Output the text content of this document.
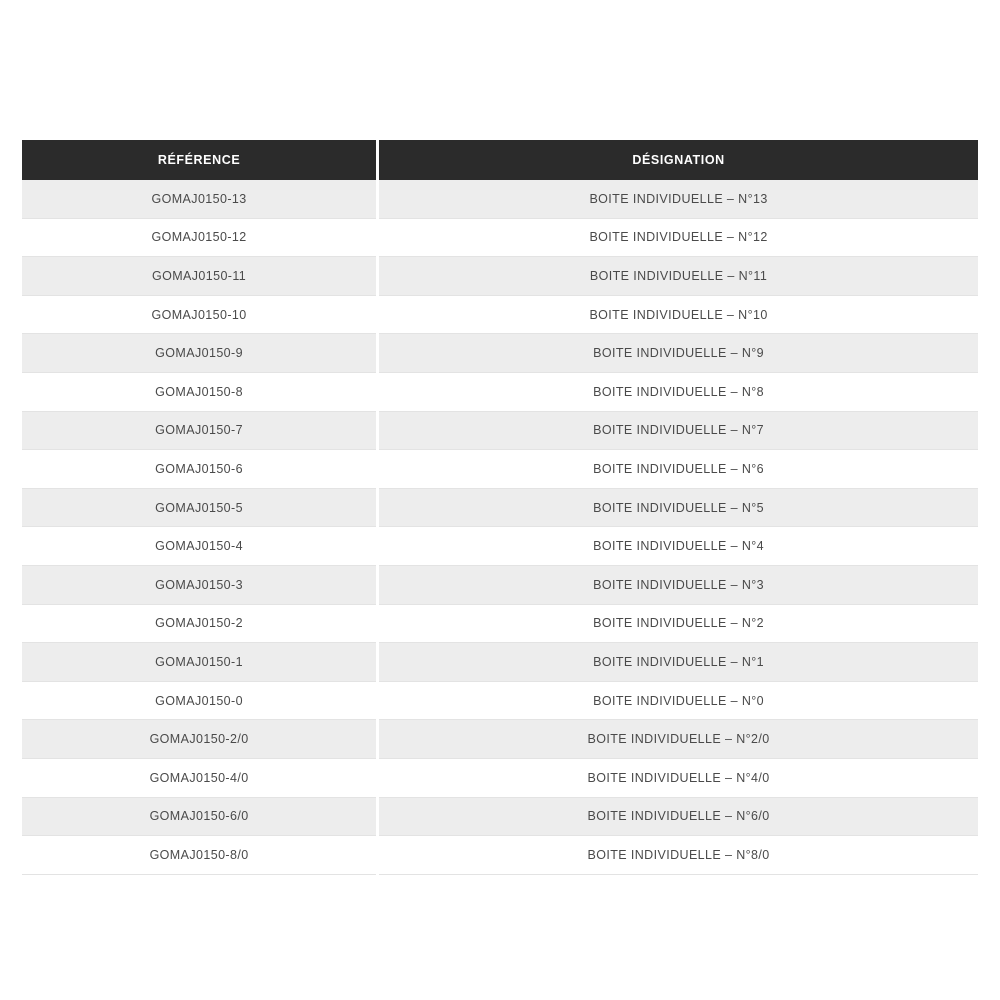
RÉFÉRENCE	DÉSIGNATION
GOMAJ0150-13	BOITE INDIVIDUELLE – N°13
GOMAJ0150-12	BOITE INDIVIDUELLE – N°12
GOMAJ0150-11	BOITE INDIVIDUELLE – N°11
GOMAJ0150-10	BOITE INDIVIDUELLE – N°10
GOMAJ0150-9	BOITE INDIVIDUELLE – N°9
GOMAJ0150-8	BOITE INDIVIDUELLE – N°8
GOMAJ0150-7	BOITE INDIVIDUELLE – N°7
GOMAJ0150-6	BOITE INDIVIDUELLE – N°6
GOMAJ0150-5	BOITE INDIVIDUELLE – N°5
GOMAJ0150-4	BOITE INDIVIDUELLE – N°4
GOMAJ0150-3	BOITE INDIVIDUELLE – N°3
GOMAJ0150-2	BOITE INDIVIDUELLE – N°2
GOMAJ0150-1	BOITE INDIVIDUELLE – N°1
GOMAJ0150-0	BOITE INDIVIDUELLE – N°0
GOMAJ0150-2/0	BOITE INDIVIDUELLE – N°2/0
GOMAJ0150-4/0	BOITE INDIVIDUELLE – N°4/0
GOMAJ0150-6/0	BOITE INDIVIDUELLE – N°6/0
GOMAJ0150-8/0	BOITE INDIVIDUELLE – N°8/0
